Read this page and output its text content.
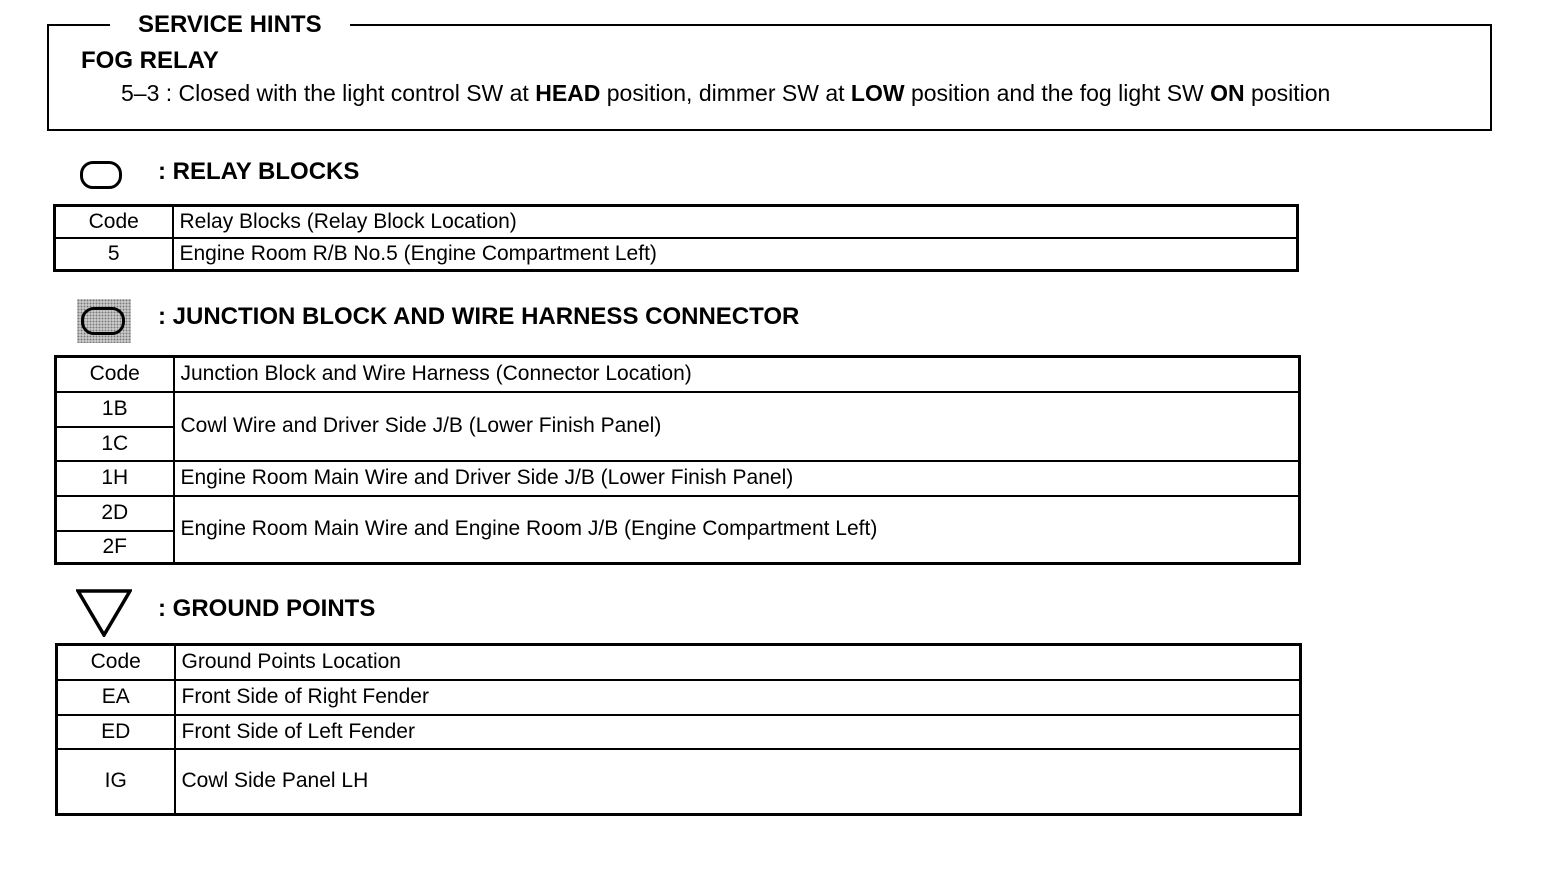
SERVICE HINTS
FOG RELAY
5–3 : Closed with the light control SW at HEAD position, dimmer SW at LOW position and the fog light SW ON position
: RELAY BLOCKS
Code	Relay Blocks (Relay Block Location)
5	Engine Room R/B No.5 (Engine Compartment Left)
: JUNCTION BLOCK AND WIRE HARNESS CONNECTOR
Code	Junction Block and Wire Harness (Connector Location)
1B	Cowl Wire and Driver Side J/B (Lower Finish Panel)
1C	
1H	Engine Room Main Wire and Driver Side J/B (Lower Finish Panel)
2D	Engine Room Main Wire and Engine Room J/B (Engine Compartment Left)
2F	
: GROUND POINTS
Code	Ground Points Location
EA	Front Side of Right Fender
ED	Front Side of Left Fender
IG	Cowl Side Panel LH
